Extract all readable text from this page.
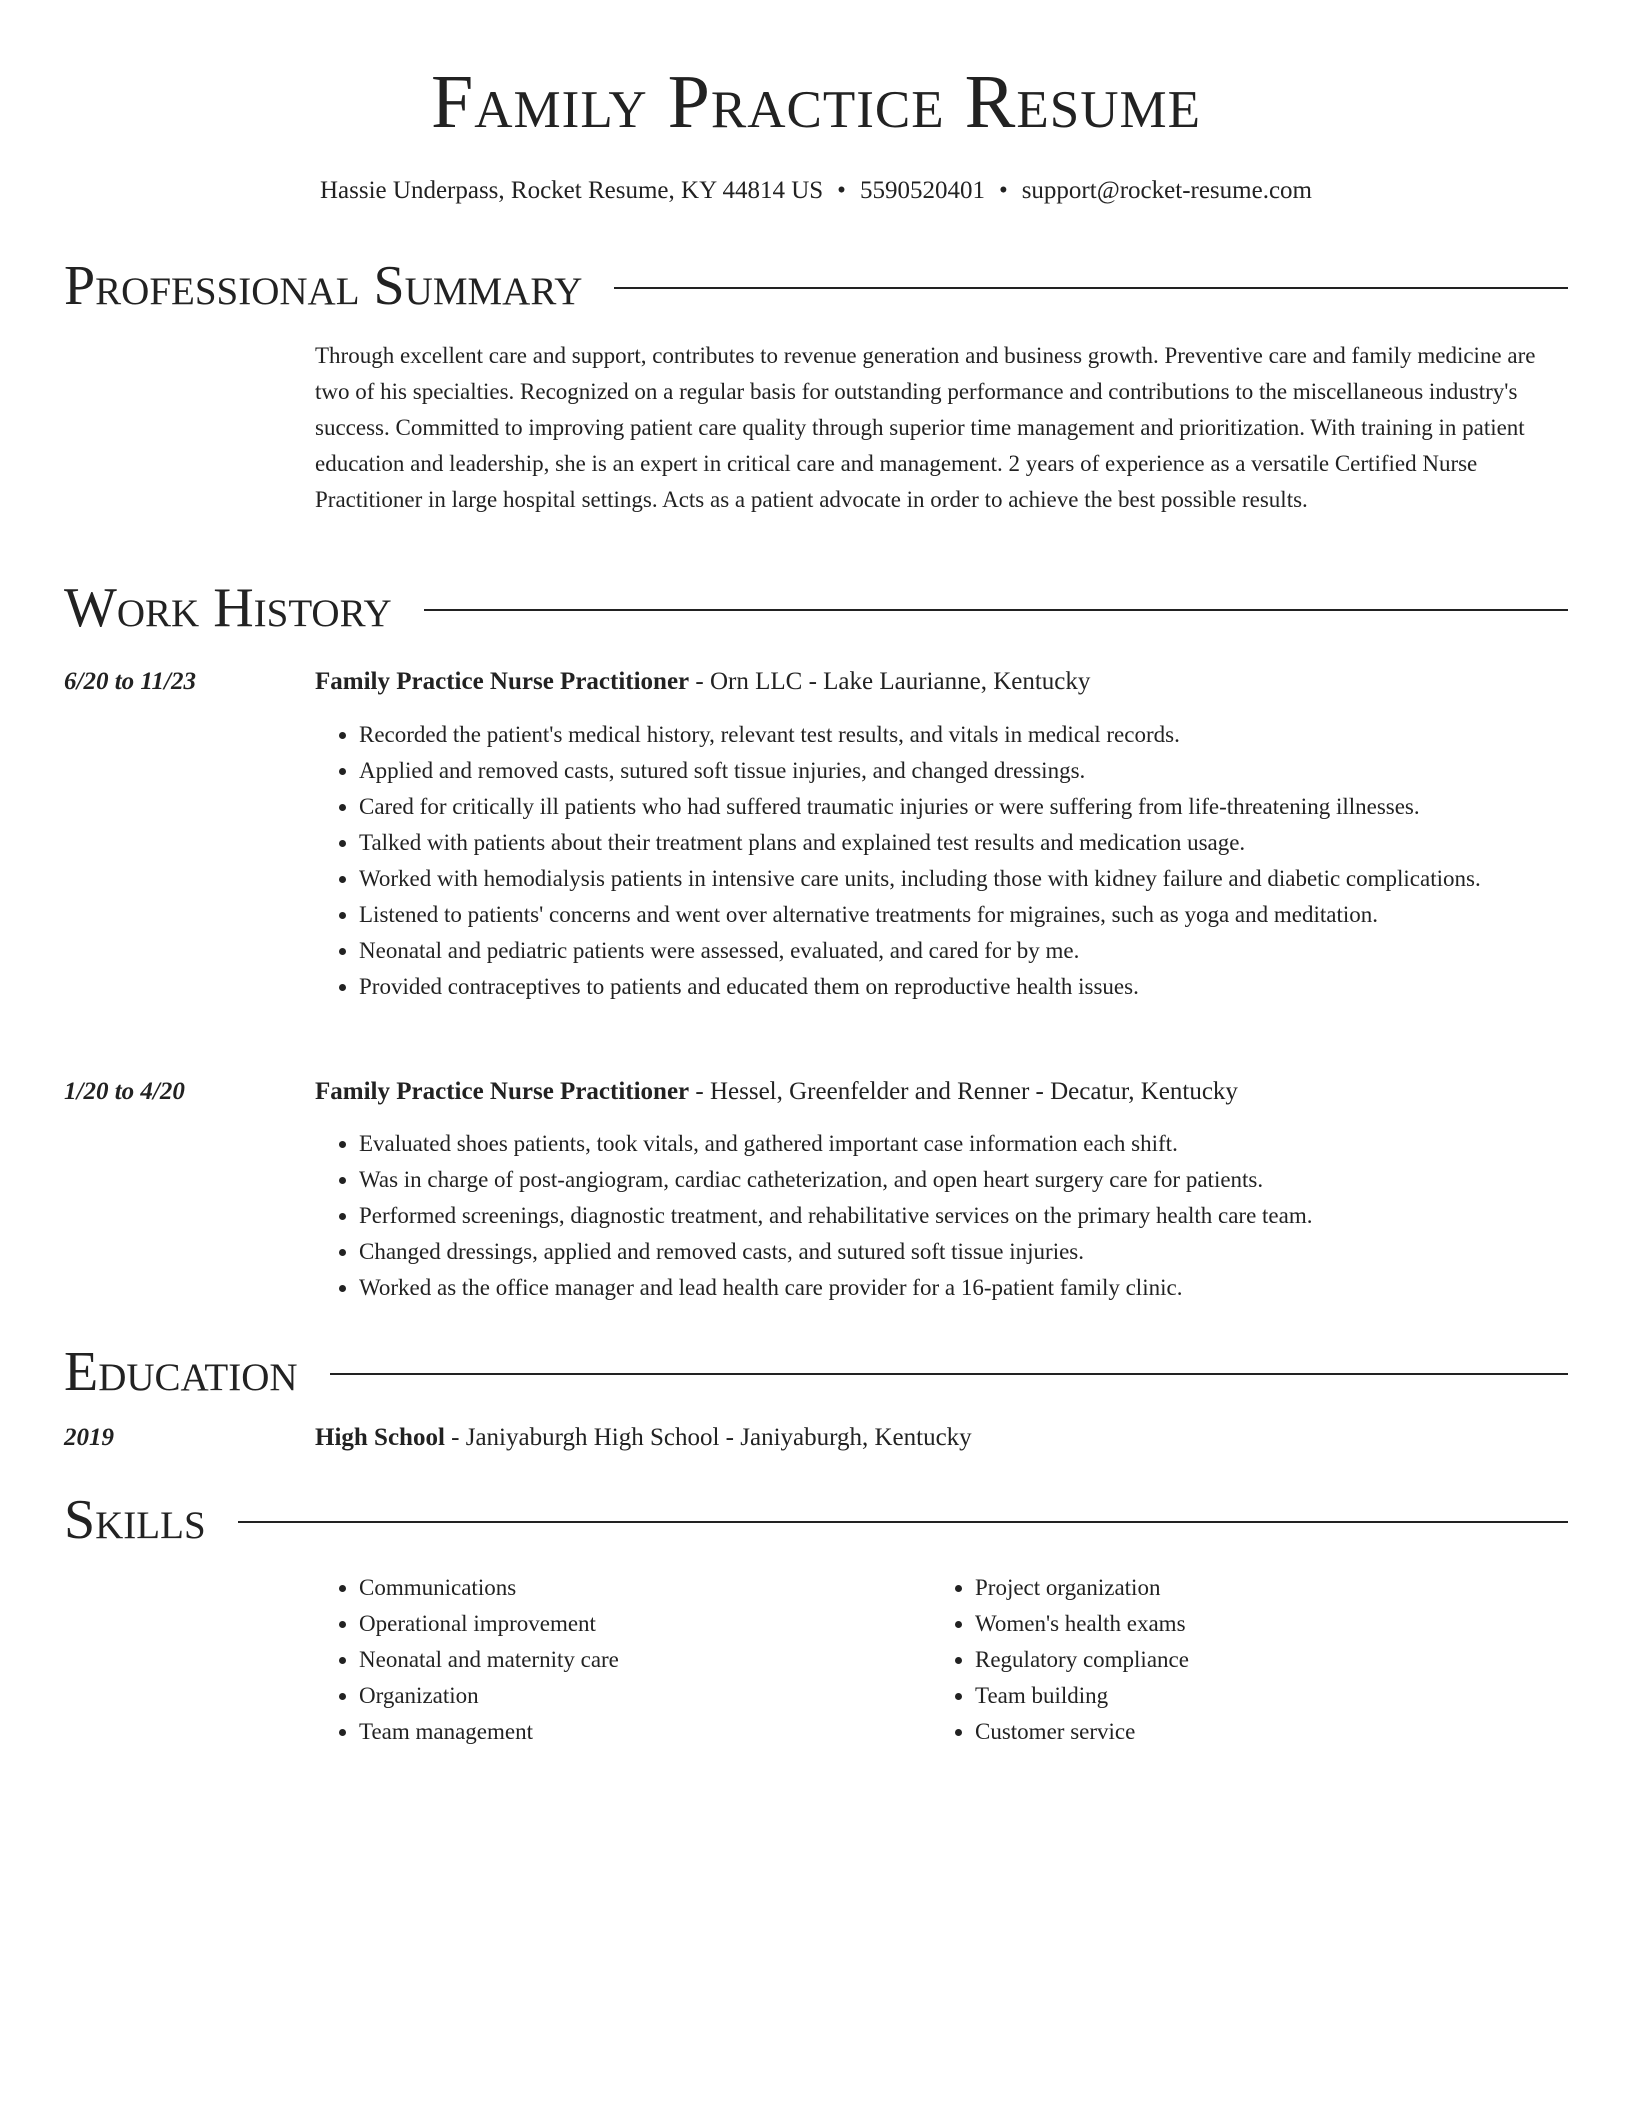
Family Practice Resume
Hassie Underpass, Rocket Resume, KY 44814 US • 5590520401 • support@rocket-resume.com
Professional Summary

Through excellent care and support, contributes to revenue generation and business growth. Preventive care and family medicine are two of his specialties. Recognized on a regular basis for outstanding performance and contributions to the miscellaneous industry's success. Committed to improving patient care quality through superior time management and prioritization. With training in patient education and leadership, she is an expert in critical care and management. 2 years of experience as a versatile Certified Nurse Practitioner in large hospital settings. Acts as a patient advocate in order to achieve the best possible results.

Work History
6/20 to 11/23	Family Practice Nurse Practitioner - Orn LLC - Lake Laurianne, Kentucky
• Recorded the patient's medical history, relevant test results, and vitals in medical records.
• Applied and removed casts, sutured soft tissue injuries, and changed dressings.
• Cared for critically ill patients who had suffered traumatic injuries or were suffering from life-threatening illnesses.
• Talked with patients about their treatment plans and explained test results and medication usage.
• Worked with hemodialysis patients in intensive care units, including those with kidney failure and diabetic complications.
• Listened to patients' concerns and went over alternative treatments for migraines, such as yoga and meditation.
• Neonatal and pediatric patients were assessed, evaluated, and cared for by me.
• Provided contraceptives to patients and educated them on reproductive health issues.
1/20 to 4/20	Family Practice Nurse Practitioner - Hessel, Greenfelder and Renner - Decatur, Kentucky
• Evaluated shoes patients, took vitals, and gathered important case information each shift.
• Was in charge of post-angiogram, cardiac catheterization, and open heart surgery care for patients.
• Performed screenings, diagnostic treatment, and rehabilitative services on the primary health care team.
• Changed dressings, applied and removed casts, and sutured soft tissue injuries.
• Worked as the office manager and lead health care provider for a 16-patient family clinic.
Education
2019	High School - Janiyaburgh High School - Janiyaburgh, Kentucky
Skills
• Communications
• Operational improvement
• Neonatal and maternity care
• Organization
• Team management
• Project organization
• Women's health exams
• Regulatory compliance
• Team building
• Customer service
